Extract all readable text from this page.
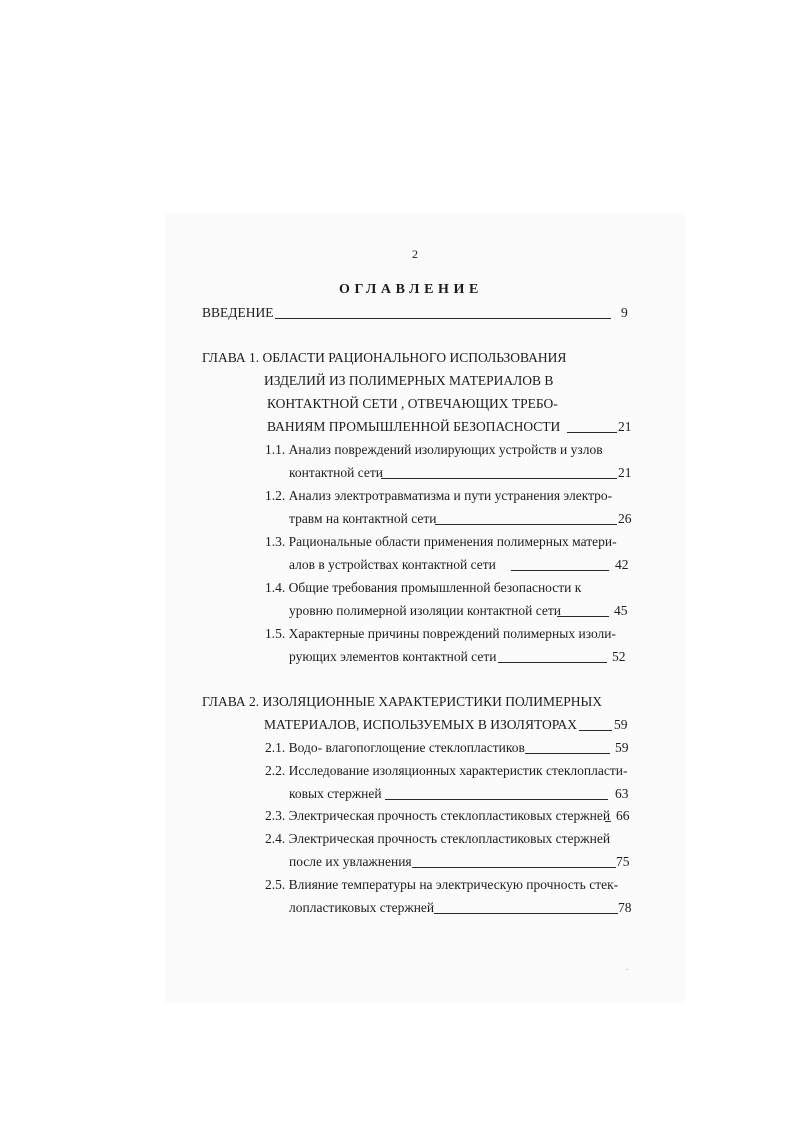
2
ОГЛАВЛЕНИЕ
ВВЕДЕНИЕ	9
ГЛАВА 1. ОБЛАСТИ РАЦИОНАЛЬНОГО ИСПОЛЬЗОВАНИЯ
ИЗДЕЛИЙ ИЗ ПОЛИМЕРНЫХ МАТЕРИАЛОВ В
КОНТАКТНОЙ СЕТИ , ОТВЕЧАЮЩИХ ТРЕБО-
ВАНИЯМ ПРОМЫШЛЕННОЙ БЕЗОПАСНОСТИ	21
1.1. Анализ повреждений изолирующих устройств и узлов
контактной сети	21
1.2. Анализ электротравматизма и пути устранения электро-
травм на контактной сети	26
1.3. Рациональные области применения полимерных матери-
алов в устройствах контактной сети	42
1.4. Общие требования промышленной безопасности к
уровню полимерной изоляции контактной сети	45
1.5. Характерные причины повреждений полимерных изоли-
рующих элементов контактной сети	52
ГЛАВА 2. ИЗОЛЯЦИОННЫЕ ХАРАКТЕРИСТИКИ ПОЛИМЕРНЫХ
МАТЕРИАЛОВ, ИСПОЛЬЗУЕМЫХ В ИЗОЛЯТОРАХ	59
2.1. Водо- влагопоглощение стеклопластиков	59
2.2. Исследование изоляционных характеристик стеклопласти-
ковых стержней	63
2.3. Электрическая прочность стеклопластиковых стержней 66
2.4. Электрическая прочность стеклопластиковых стержней
после их увлажнения	75
2.5. Влияние температуры на электрическую прочность стек-
лопластиковых стержней	78
